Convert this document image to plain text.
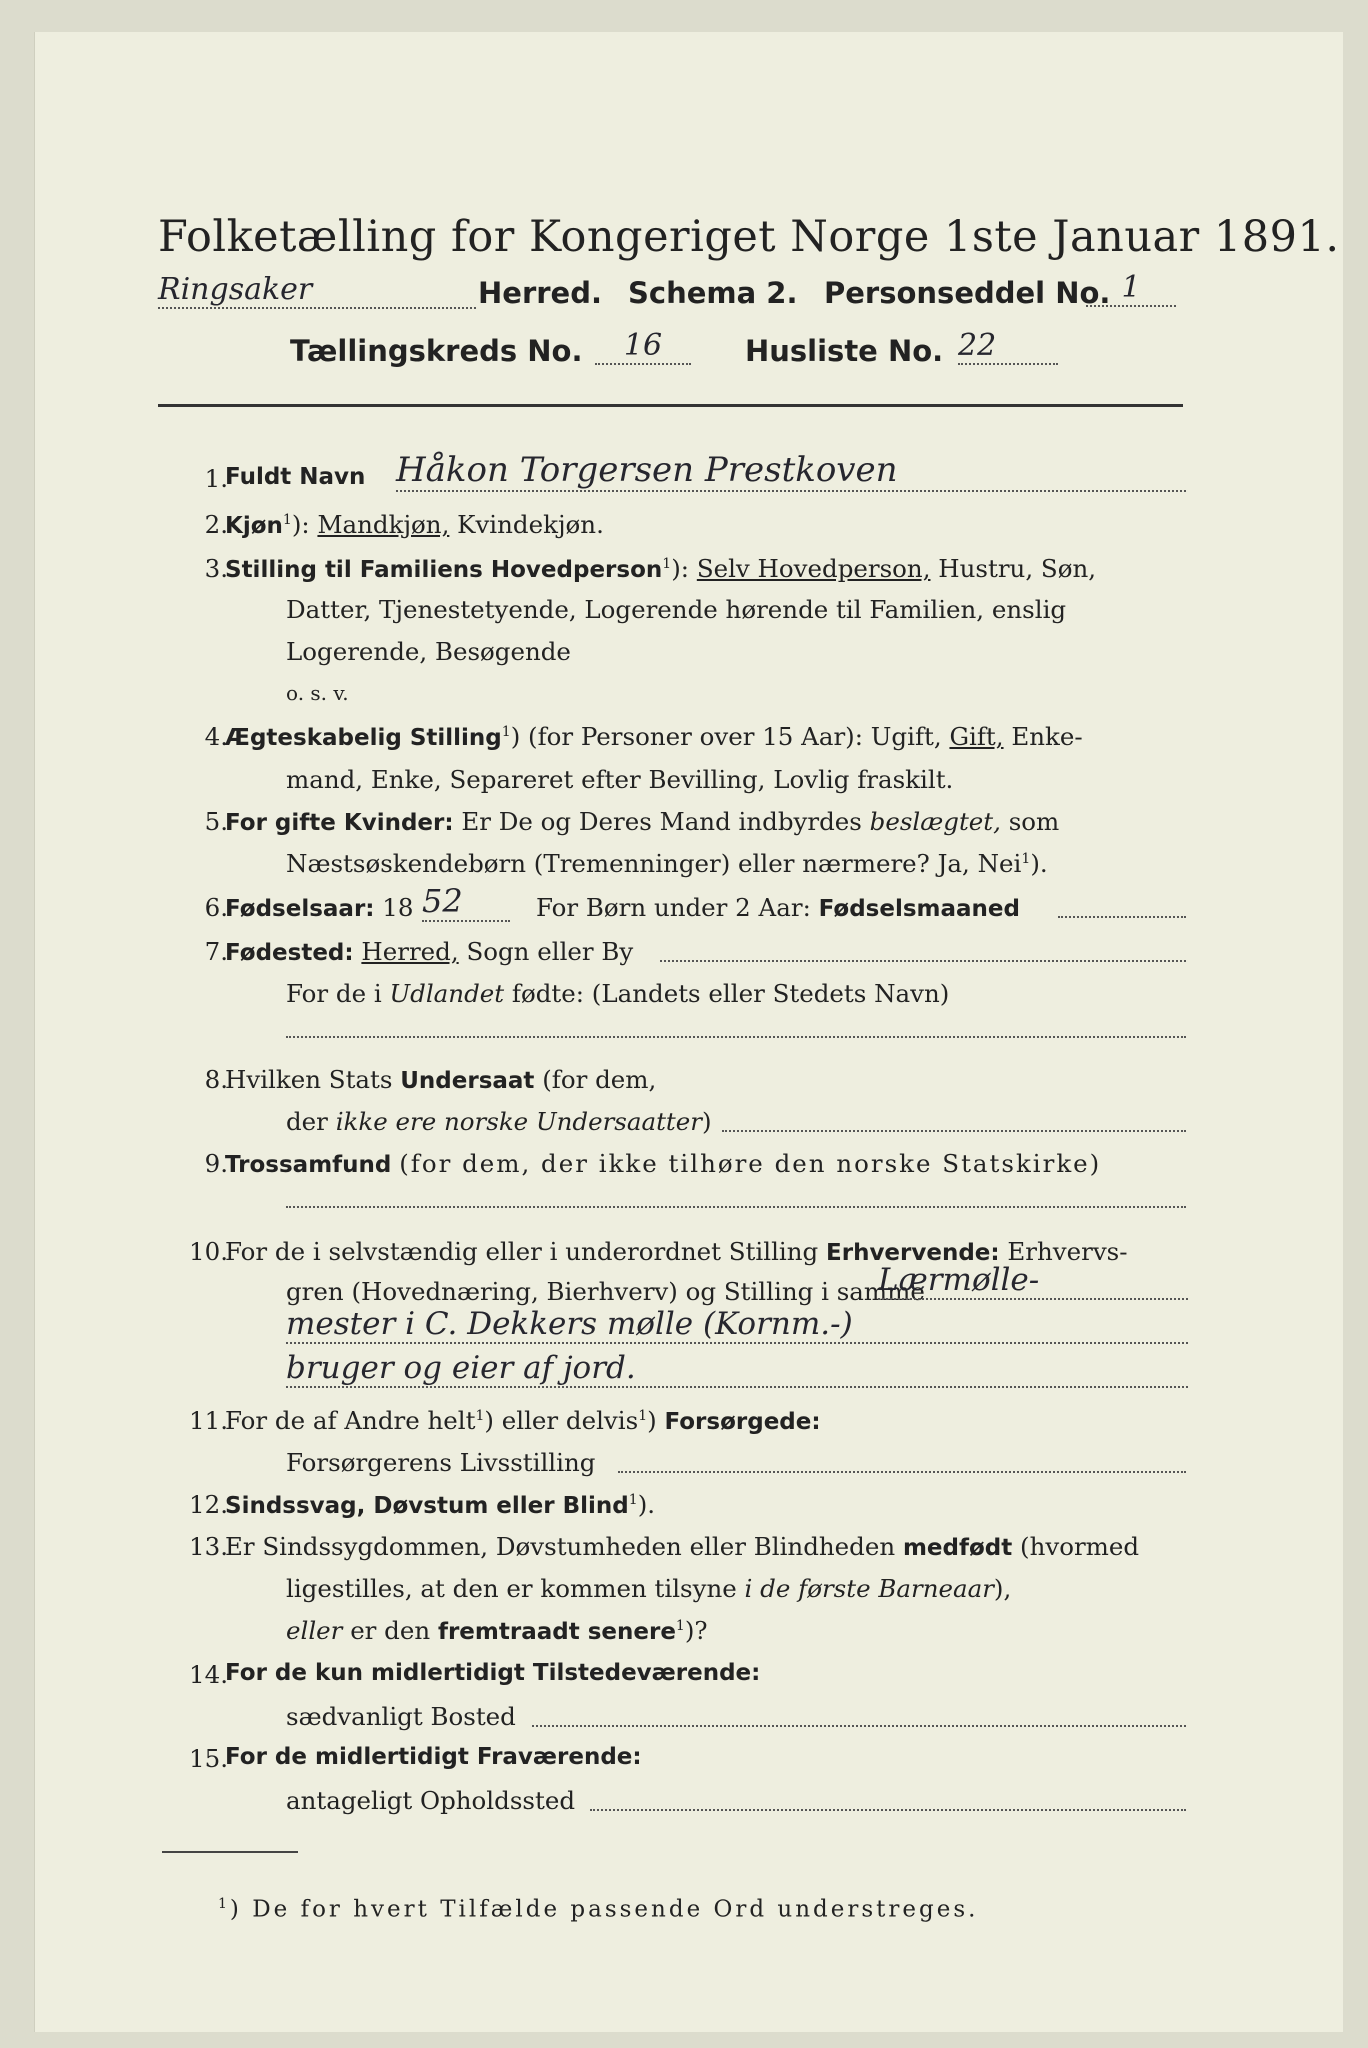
Folketælling for Kongeriget Norge 1ste Januar 1891.
Ringsaker	Herred. Schema 2. Personseddel No. 1
Tællingskreds No.	16	Husliste No. 22
1.
Fuldt Navn Håkon Torgersen Prestkoven
2.
Kjøn$^1$): Mandkjøn, Kvindekjøn.
3.
Stilling til Familiens Hovedperson$^1$): Selv Hovedperson, Hustru, Søn,
Datter, Tjenestetyende, Logerende hørende til Familien, enslig
Logerende, Besøgende
o. s. v.
4.
Ægteskabelig Stilling$^1$) (for Personer over 15 Aar): Ugift, Gift, Enke-
mand, Enke, Separeret efter Bevilling, Lovlig fraskilt.
5.
For gifte Kvinder: Er De og Deres Mand indbyrdes beslægtet, som
Næstsøskendebørn (Tremenninger) eller nærmere? Ja, Nei$^1$).
6.
Fødselsaar: 18 52	For Børn under 2 Aar: Fødselsmaaned
7.
Fødested: Herred, Sogn eller By
For de i Udlandet fødte: (Landets eller Stedets Navn)
8.
Hvilken Stats Undersaat (for dem,
der ikke ere norske Undersaatter)
9.
Trossamfund (for dem, der ikke tilhøre den norske Statskirke)
10.
For de i selvstændig eller i underordnet Stilling Erhvervende: Erhvervs-
gren (Hovednæring, Bierhverv) og Stilling i samme
Lærmølle-
mester i C. Dekkers mølle (Kornm.-)
bruger og eier af jord.
11.
For de af Andre helt$^1$) eller delvis$^1$) Forsørgede:
Forsørgerens Livsstilling
12.
Sindssvag, Døvstum eller Blind$^1$).
13.
Er Sindssygdommen, Døvstumheden eller Blindheden medfødt (hvormed
ligestilles, at den er kommen tilsyne i de første Barneaar),
eller er den fremtraadt senere$^1$)?
14.
For de kun midlertidigt Tilstedeværende:
sædvanligt Bosted
15.
For de midlertidigt Fraværende:
antageligt Opholdssted
$^1$) De for hvert Tilfælde passende Ord understreges.
